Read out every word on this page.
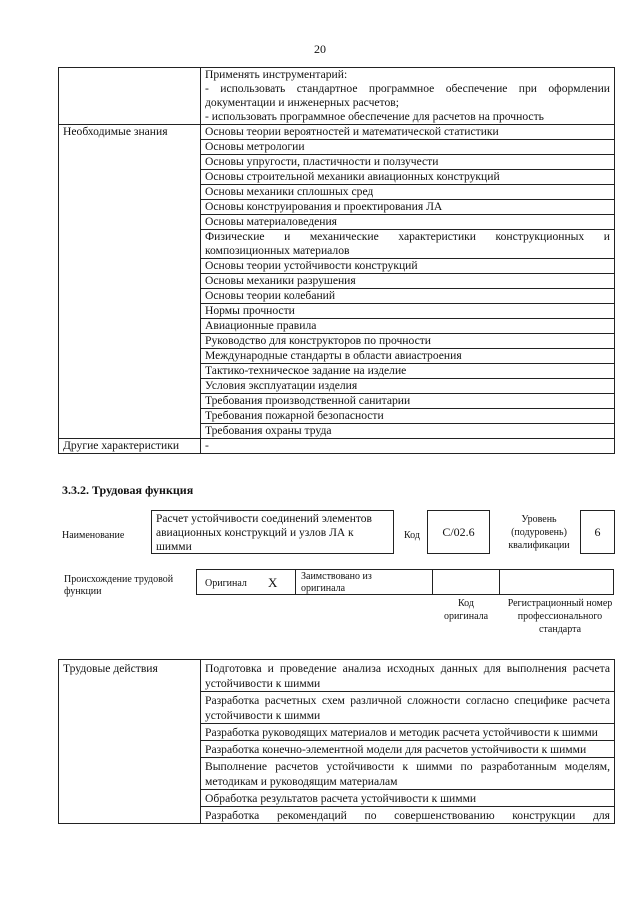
20

	Применять инструментарий:
- использовать стандартное программное обеспечение при оформлении документации и инженерных расчетов;
- использовать программное обеспечение для расчетов на прочность

Необходимые знания	Основы теории вероятностей и математической статистики
	Основы метрологии
	Основы упругости, пластичности и ползучести
	Основы строительной механики авиационных конструкций
	Основы механики сплошных сред
	Основы конструирования и проектирования ЛА
	Основы материаловедения
	Физические и механические характеристики конструкционных и композиционных материалов
	Основы теории устойчивости конструкций
	Основы механики разрушения
	Основы теории колебаний
	Нормы прочности
	Авиационные правила
	Руководство для конструкторов по прочности
	Международные стандарты в области авиастроения
	Тактико-техническое задание на изделие
	Условия эксплуатации изделия
	Требования производственной санитарии
	Требования пожарной безопасности
	Требования охраны труда
Другие характеристики	-
3.3.2. Трудовая функция
Наименование
Расчет устойчивости соединений элементов авиационных конструкций и узлов ЛА к шимми
Код	С/02.6
Уровень (подуровень) квалификации
6
Происхождение трудовой функции
Оригинал X Заимствовано из оригинала
Код оригинала
Регистрационный номер профессионального стандарта
Трудовые действия	Подготовка и проведение анализа исходных данных для выполнения расчета устойчивости к шимми
Разработка расчетных схем различной сложности согласно специфике расчета устойчивости к шимми
Разработка руководящих материалов и методик расчета устойчивости к шимми
Разработка конечно-элементной модели для расчетов устойчивости к шимми
Выполнение расчетов устойчивости к шимми по разработанным моделям, методикам и руководящим материалам
Обработка результатов расчета устойчивости к шимми
Разработка рекомендаций по совершенствованию конструкции для
